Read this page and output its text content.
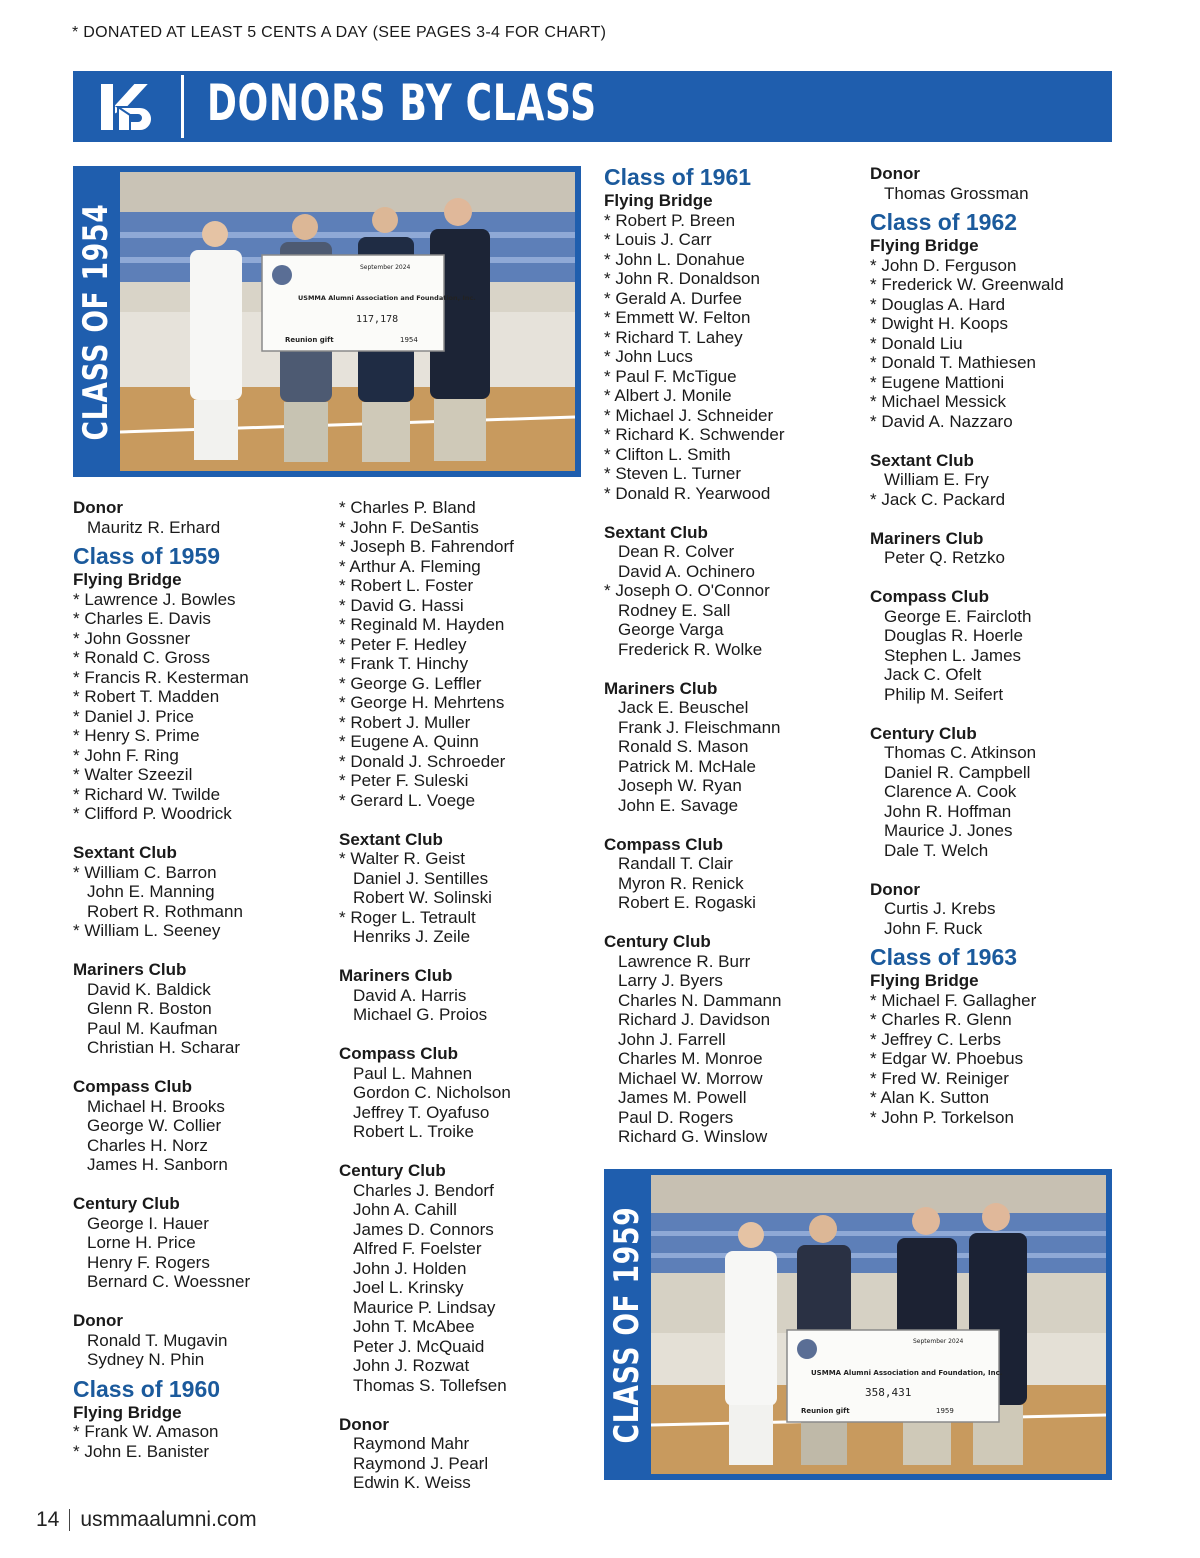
* DONATED AT LEAST 5 CENTS A DAY (SEE PAGES 3-4 FOR CHART)
DONORS BY CLASS
CLASS OF 1954	USMMA Alumni Association and Foundation, Inc.
September 2024
117,178
Reunion gift	1954
CLASS OF 1959	USMMA Alumni Association and Foundation, Inc.
September 2024
358,431
Reunion gift	1959
Donor
Mauritz R. Erhard
Class of 1959
Flying Bridge
* Lawrence J. Bowles
* Charles E. Davis
* John Gossner
* Ronald C. Gross
* Francis R. Kesterman
* Robert T. Madden
* Daniel J. Price
* Henry S. Prime
* John F. Ring
* Walter Szeezil
* Richard W. Twilde
* Clifford P. Woodrick
Sextant Club
* William C. Barron
John E. Manning
Robert R. Rothmann
* William L. Seeney
Mariners Club
David K. Baldick
Glenn R. Boston
Paul M. Kaufman
Christian H. Scharar
Compass Club
Michael H. Brooks
George W. Collier
Charles H. Norz
James H. Sanborn
Century Club
George I. Hauer
Lorne H. Price
Henry F. Rogers
Bernard C. Woessner
Donor
Ronald T. Mugavin
Sydney N. Phin
Class of 1960
Flying Bridge
* Frank W. Amason
* John E. Banister
* Charles P. Bland
* John F. DeSantis
* Joseph B. Fahrendorf
* Arthur A. Fleming
* Robert L. Foster
* David G. Hassi
* Reginald M. Hayden
* Peter F. Hedley
* Frank T. Hinchy
* George G. Leffler
* George H. Mehrtens
* Robert J. Muller
* Eugene A. Quinn
* Donald J. Schroeder
* Peter F. Suleski
* Gerard L. Voege
Sextant Club
* Walter R. Geist
Daniel J. Sentilles
Robert W. Solinski
* Roger L. Tetrault
Henriks J. Zeile
Mariners Club
David A. Harris
Michael G. Proios
Compass Club
Paul L. Mahnen
Gordon C. Nicholson
Jeffrey T. Oyafuso
Robert L. Troike
Century Club
Charles J. Bendorf
John A. Cahill
James D. Connors
Alfred F. Foelster
John J. Holden
Joel L. Krinsky
Maurice P. Lindsay
John T. McAbee
Peter J. McQuaid
John J. Rozwat
Thomas S. Tollefsen
Donor
Raymond Mahr
Raymond J. Pearl
Edwin K. Weiss
Class of 1961
Flying Bridge
* Robert P. Breen
* Louis J. Carr
* John L. Donahue
* John R. Donaldson
* Gerald A. Durfee
* Emmett W. Felton
* Richard T. Lahey
* John Lucs
* Paul F. McTigue
* Albert J. Monile
* Michael J. Schneider
* Richard K. Schwender
* Clifton L. Smith
* Steven L. Turner
* Donald R. Yearwood
Sextant Club
Dean R. Colver
David A. Ochinero
* Joseph O. O'Connor
Rodney E. Sall
George Varga
Frederick R. Wolke
Mariners Club
Jack E. Beuschel
Frank J. Fleischmann
Ronald S. Mason
Patrick M. McHale
Joseph W. Ryan
John E. Savage
Compass Club
Randall T. Clair
Myron R. Renick
Robert E. Rogaski
Century Club
Lawrence R. Burr
Larry J. Byers
Charles N. Dammann
Richard J. Davidson
John J. Farrell
Charles M. Monroe
Michael W. Morrow
James M. Powell
Paul D. Rogers
Richard G. Winslow
Donor
Thomas Grossman
Class of 1962
Flying Bridge
* John D. Ferguson
* Frederick W. Greenwald
* Douglas A. Hard
* Dwight H. Koops
* Donald Liu
* Donald T. Mathiesen
* Eugene Mattioni
* Michael Messick
* David A. Nazzaro
Sextant Club
William E. Fry
* Jack C. Packard
Mariners Club
Peter Q. Retzko
Compass Club
George E. Faircloth
Douglas R. Hoerle
Stephen L. James
Jack C. Ofelt
Philip M. Seifert
Century Club
Thomas C. Atkinson
Daniel R. Campbell
Clarence A. Cook
John R. Hoffman
Maurice J. Jones
Dale T. Welch
Donor
Curtis J. Krebs
John F. Ruck
Class of 1963
Flying Bridge
* Michael F. Gallagher
* Charles R. Glenn
* Jeffrey C. Lerbs
* Edgar W. Phoebus
* Fred W. Reiniger
* Alan K. Sutton
* John P. Torkelson
14 usmmaalumni.com
